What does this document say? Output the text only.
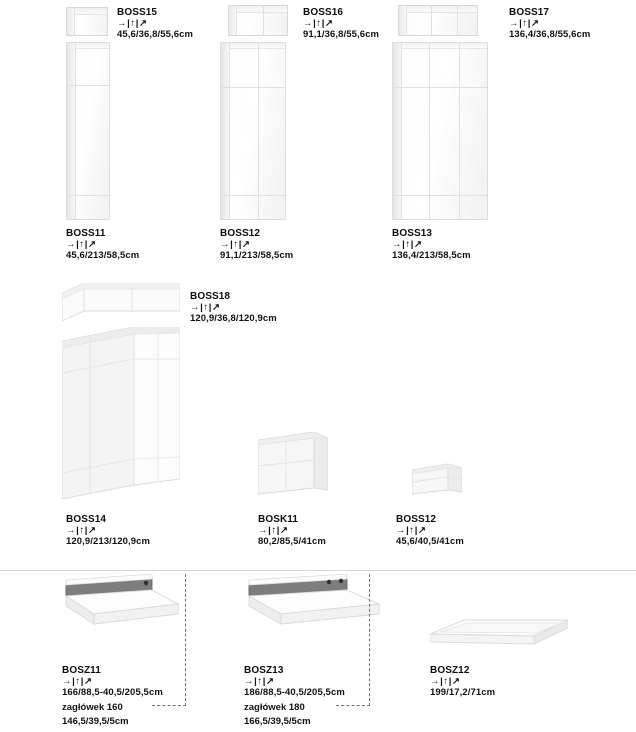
BOSS15
→|↑|↗
45,6/36,8/55,6cm
BOSS16
→|↑|↗
91,1/36,8/55,6cm
BOSS17
→|↑|↗
136,4/36,8/55,6cm
BOSS11
→|↑|↗
45,6/213/58,5cm
BOSS12
→|↑|↗
91,1/213/58,5cm
BOSS13
→|↑|↗
136,4/213/58,5cm
BOSS18
→|↑|↗
120,9/36,8/120,9cm
BOSS14
→|↑|↗
120,9/213/120,9cm
BOSK11
→|↑|↗
80,2/85,5/41cm
BOSS12
→|↑|↗
45,6/40,5/41cm
BOSZ11
→|↑|↗
166/88,5-40,5/205,5cm
zagłówek 160
146,5/39,5/5cm
BOSZ13
→|↑|↗
186/88,5-40,5/205,5cm
zagłówek 180
166,5/39,5/5cm
BOSZ12
→|↑|↗
199/17,2/71cm
